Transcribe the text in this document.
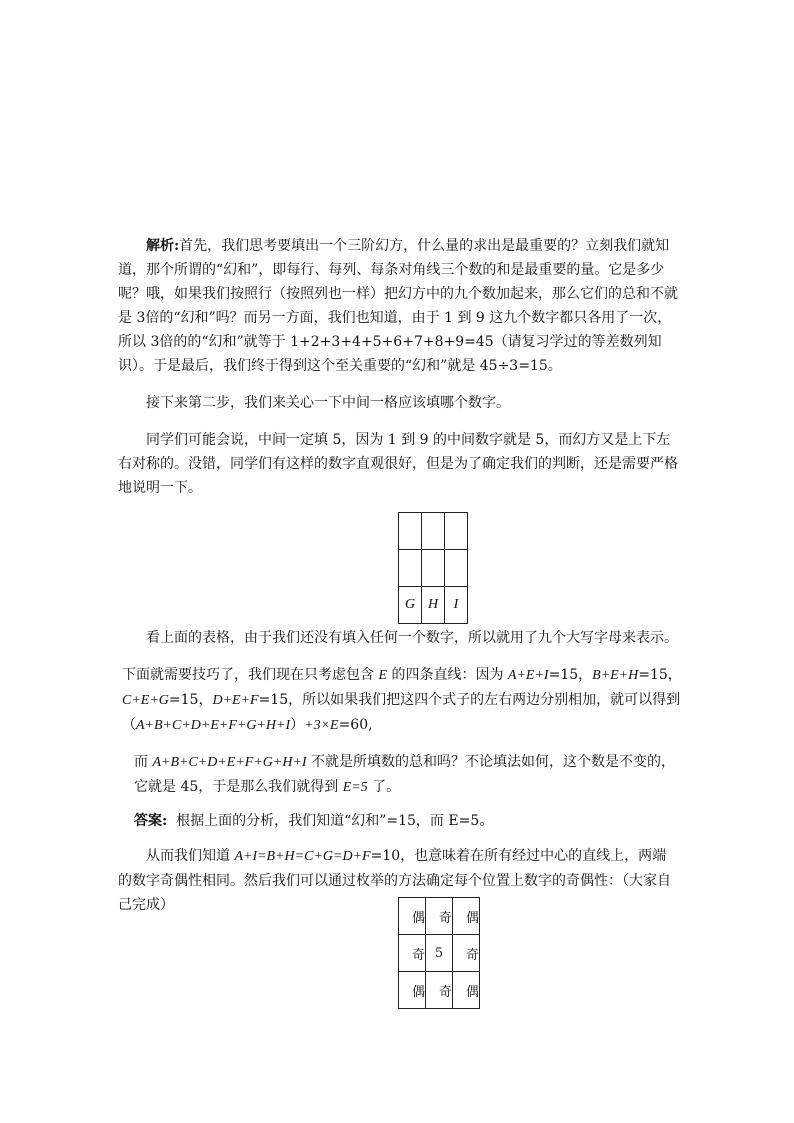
解析:首先，我们思考要填出一个三阶幻方，什么量的求出是最重要的？立刻我们就知道，那个所谓的“幻和”，即每行、每列、每条对角线三个数的和是最重要的量。它是多少呢？哦，如果我们按照行（按照列也一样）把幻方中的九个数加起来，那么它们的总和不就是 3倍的“幻和”吗？而另一方面，我们也知道，由于 1 到 9 这九个数字都只各用了一次，所以 3倍的的“幻和”就等于 1+2+3+4+5+6+7+8+9=45（请复习学过的等差数列知识）。于是最后，我们终于得到这个至关重要的“幻和”就是 45÷3=15。

接下来第二步，我们来关心一下中间一格应该填哪个数字。

同学们可能会说，中间一定填 5，因为 1 到 9 的中间数字就是 5，而幻方又是上下左右对称的。没错，同学们有这样的数字直观很好，但是为了确定我们的判断，还是需要严格地说明一下。

G	H	I

看上面的表格，由于我们还没有填入任何一个数字，所以就用了九个大写字母来表示。

下面就需要技巧了，我们现在只考虑包含 E 的四条直线：因为 A+E+I=15，B+E+H=15，
C+E+G=15，D+E+F=15，所以如果我们把这四个式子的左右两边分别相加，就可以得到
（A+B+C+D+E+F+G+H+I）+3×E=60,

而 A+B+C+D+E+F+G+H+I 不就是所填数的总和吗？不论填法如何，这个数是不变的，它就是 45，于是那么我们就得到 E=5 了。

答案: 根据上面的分析，我们知道“幻和”=15，而 E=5。

从而我们知道 A+I=B+H=C+G=D+F=10，也意味着在所有经过中心的直线上，两端的数字奇偶性相同。然后我们可以通过枚举的方法确定每个位置上数字的奇偶性：（大家自己完成）

偶	奇	偶
奇	5	奇
偶	奇	偶
